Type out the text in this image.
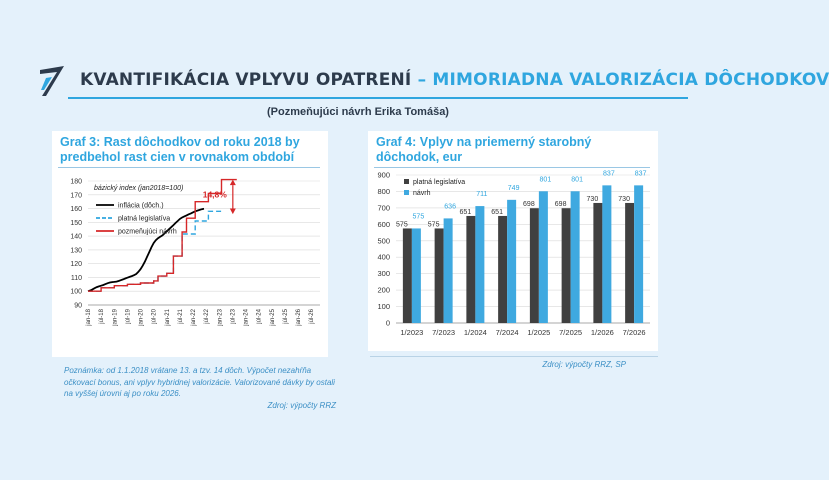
KVANTIFIKÁCIA VPLYVU OPATRENÍ – MIMORIADNA VALORIZÁCIA DÔCHODKOV
(Pozmeňujúci návrh Erika Tomáša)
Graf 3: Rast dôchodkov od roku 2018 by predbehol rast cien v rovnakom období
90
100
110
120
130
140
150
160
170
180
jan-18 júl-18 jan-19 júl-19 jan-20 júl-20 jan-21 júl-21 jan-22 júl-22 jan-23 júl-23 jan-24 júl-24 jan-25 júl-25 jan-26 júl-26
bázický index (jan2018=100)
inflácia (dôch.)
platná legislatíva
pozmeňujúci návrh
14,8%
Graf 4: Vplyv na priemerný starobný dôchodok, eur
0
100
200
300
400
500
600
700
800
900
575
575
1/2023
575
636
7/2023
651
711
1/2024
651
749
7/2024
698
801
1/2025
698
801
7/2025
730
837
1/2026
730
837
7/2026
platná legislatíva
návrh
Poznámka: od 1.1.2018 vrátane 13. a tzv. 14 dôch. Výpočet nezahŕňa očkovací bonus, ani vplyv hybridnej valorizácie. Valorizované dávky by ostali na vyššej úrovni aj po roku 2026.
Zdroj: výpočty RRZ
Zdroj: výpočty RRZ, SP
